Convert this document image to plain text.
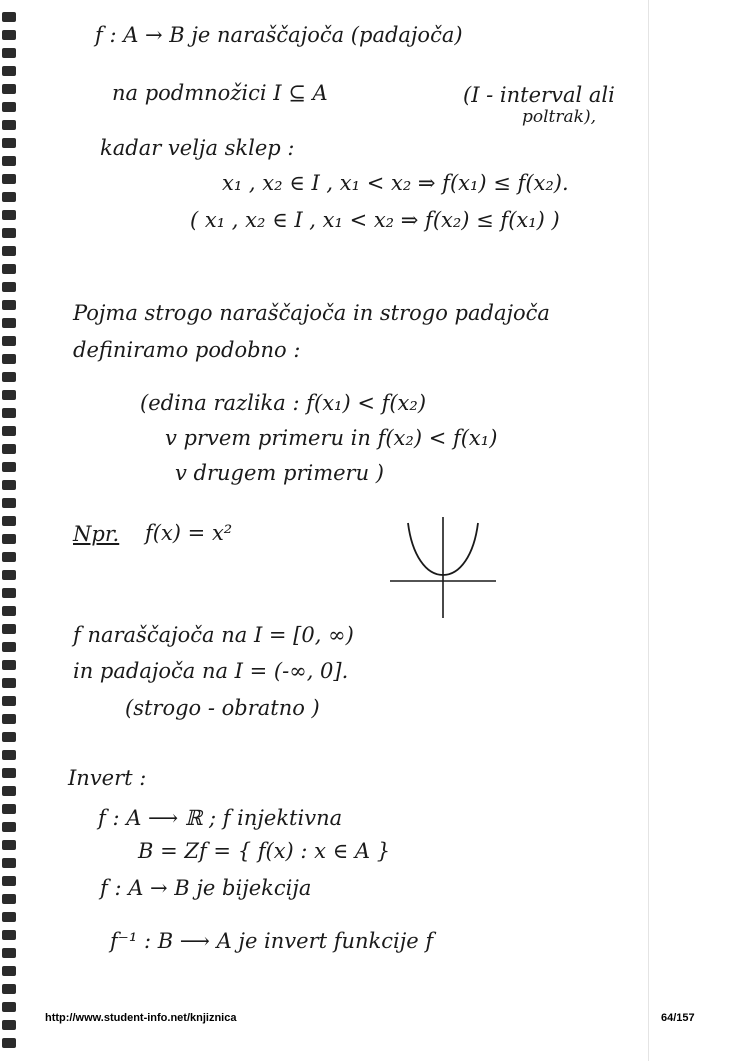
f : A → B je naraščajoča (padajoča)
na podmnožici I ⊆ A	(I - interval ali
poltrak),
kadar velja sklep :
x₁ , x₂ ∈ I , x₁ < x₂ ⇒ f(x₁) ≤ f(x₂).
( x₁ , x₂ ∈ I , x₁ < x₂ ⇒ f(x₂) ≤ f(x₁) )
Pojma strogo naraščajoča in strogo padajoča
definiramo podobno :
(edina razlika : f(x₁) < f(x₂)
v prvem primeru in f(x₂) < f(x₁)
v drugem primeru )
Npr. f(x) = x²
f naraščajoča na I = [0, ∞)
in padajoča na I = (-∞, 0].
(strogo - obratno )
Invert :
f : A ⟶ ℝ ; f injektivna
B = Zf = { f(x) : x ∈ A }
f : A → B je bijekcija
f⁻¹ : B ⟶ A je invert funkcije f
http://www.student-info.net/knjiznica	64/157
